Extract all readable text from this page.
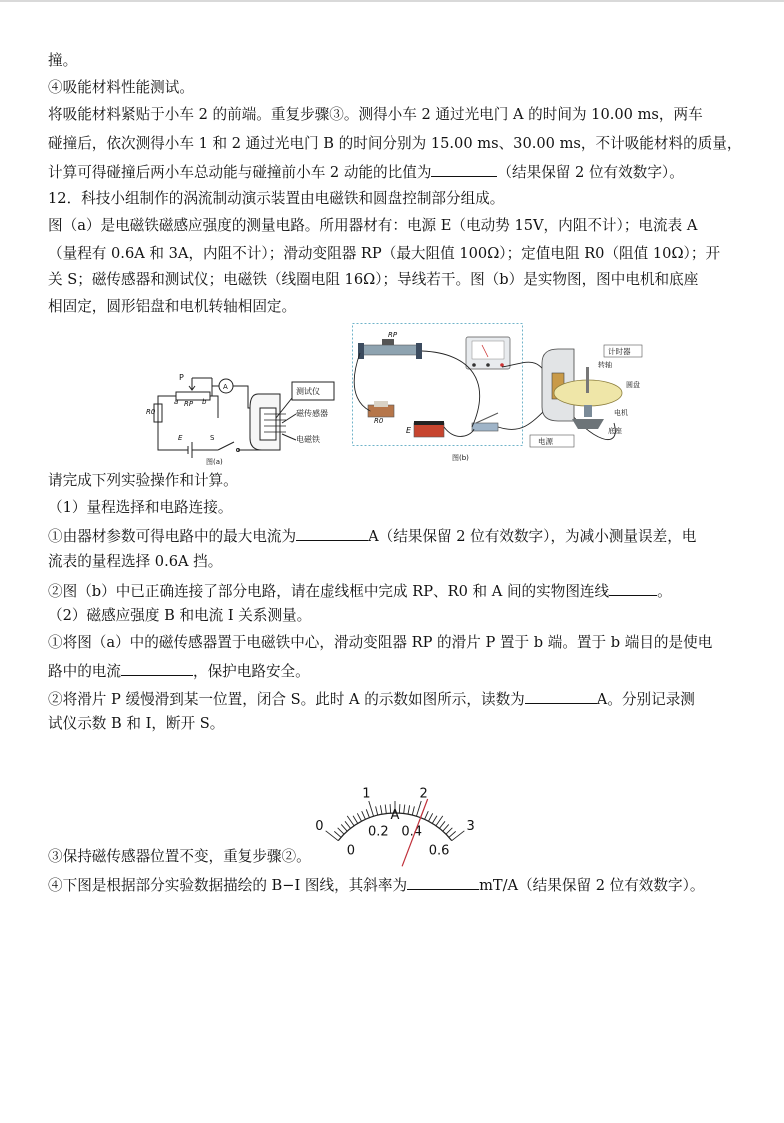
撞。
④吸能材料性能测试。
将吸能材料紧贴于小车 2 的前端。重复步骤③。测得小车 2 通过光电门 A 的时间为 10.00 ms，两车
碰撞后，依次测得小车 1 和 2 通过光电门 B 的时间分别为 15.00 ms、30.00 ms，不计吸能材料的质量，
计算可得碰撞后两小车总动能与碰撞前小车 2 动能的比值为	（结果保留 2 位有效数字）。
12．科技小组制作的涡流制动演示装置由电磁铁和圆盘控制部分组成。
图（a）是电磁铁磁感应强度的测量电路。所用器材有：电源 E（电动势 15V，内阻不计）；电流表 A
（量程有 0.6A 和 3A，内阻不计）；滑动变阻器 RP（最大阻值 100Ω）；定值电阻 R0（阻值 10Ω）；开
关 S；磁传感器和测试仪；电磁铁（线圈电阻 16Ω）；导线若干。图（b）是实物图，图中电机和底座
相固定，圆形铝盘和电机转轴相固定。
P
a RP b
R0
A
E	S
测试仪
磁传感器
电磁铁
图(a)
RP
R0
E
计时器
转轴
圆盘
电机
底座
电源
图(b)
请完成下列实验操作和计算。
（1）量程选择和电路连接。
①由器材参数可得电路中的最大电流为	A（结果保留 2 位有效数字），为减小测量误差，电
流表的量程选择 0.6A 挡。
②图（b）中已正确连接了部分电路，请在虚线框中完成 RP、R0 和 A 间的实物图连线	。
（2）磁感应强度 B 和电流 I 关系测量。
①将图（a）中的磁传感器置于电磁铁中心，滑动变阻器 RP 的滑片 P 置于 b 端。置于 b 端目的是使电
路中的电流	，保护电路安全。
②将滑片 P 缓慢滑到某一位置，闭合 S。此时 A 的示数如图所示，读数为	A。分别记录测
试仪示数 B 和 I，断开 S。
0
1	2
3
0
0.2 0.4
0.6
A
③保持磁传感器位置不变，重复步骤②。
④下图是根据部分实验数据描绘的 B−I 图线，其斜率为	mT/A（结果保留 2 位有效数字）。
